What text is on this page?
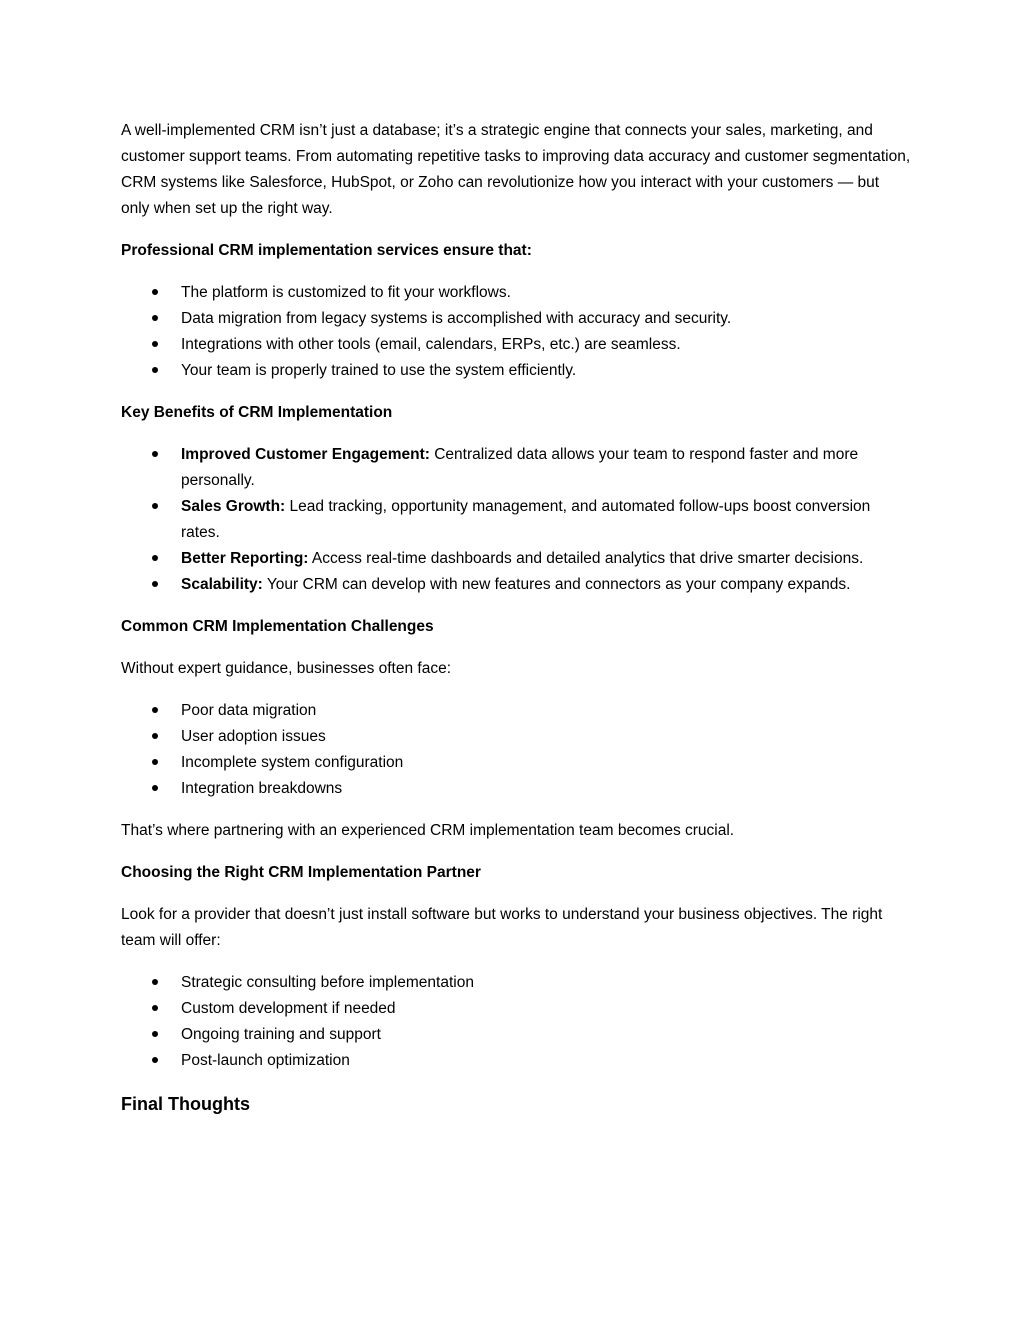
A well-implemented CRM isn’t just a database; it’s a strategic engine that connects your sales, marketing, and customer support teams. From automating repetitive tasks to improving data accuracy and customer segmentation, CRM systems like Salesforce, HubSpot, or Zoho can revolutionize how you interact with your customers — but only when set up the right way.

Professional CRM implementation services ensure that:

The platform is customized to fit your workflows.
Data migration from legacy systems is accomplished with accuracy and security.
Integrations with other tools (email, calendars, ERPs, etc.) are seamless.
Your team is properly trained to use the system efficiently.

Key Benefits of CRM Implementation

Improved Customer Engagement: Centralized data allows your team to respond faster and more personally.
Sales Growth: Lead tracking, opportunity management, and automated follow-ups boost conversion rates.
Better Reporting: Access real-time dashboards and detailed analytics that drive smarter decisions.
Scalability: Your CRM can develop with new features and connectors as your company expands.

Common CRM Implementation Challenges

Without expert guidance, businesses often face:

Poor data migration
User adoption issues
Incomplete system configuration
Integration breakdowns

That’s where partnering with an experienced CRM implementation team becomes crucial.

Choosing the Right CRM Implementation Partner

Look for a provider that doesn’t just install software but works to understand your business objectives. The right team will offer:

Strategic consulting before implementation
Custom development if needed
Ongoing training and support
Post-launch optimization

Final Thoughts
